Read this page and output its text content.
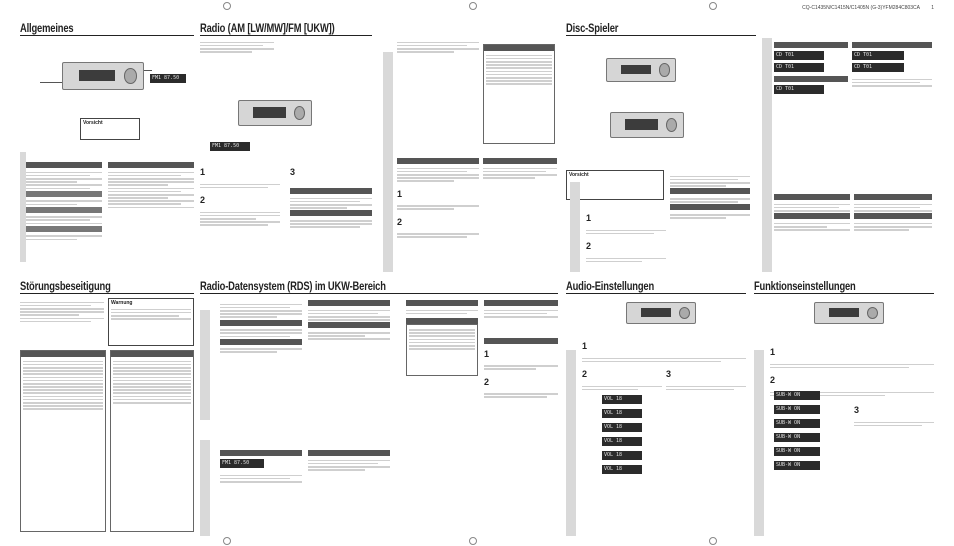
CQ-C1435N/C1415N/C1405N (G-3)YFM284C803CA 1
Allgemeines
FM1 87.50
Vorsicht
Radio (AM [LW/MW]/FM [UKW])
FM1 87.50
1
2
3
1
2
Disc-Spieler
Vorsicht
1
2
CD T01
CD T01
CD T01
CD T01
CD T01
Störungsbeseitigung
Warnung
Radio-Datensystem (RDS) im UKW-Bereich
FM1 87.50
1
2
Audio-Einstellungen
1
2	3
VOL 18
VOL 18
VOL 18
VOL 18
VOL 18
VOL 18
Funktionseinstellungen
1
2
3
SUB-W ON
SUB-W ON
SUB-W ON
SUB-W ON
SUB-W ON
SUB-W ON
